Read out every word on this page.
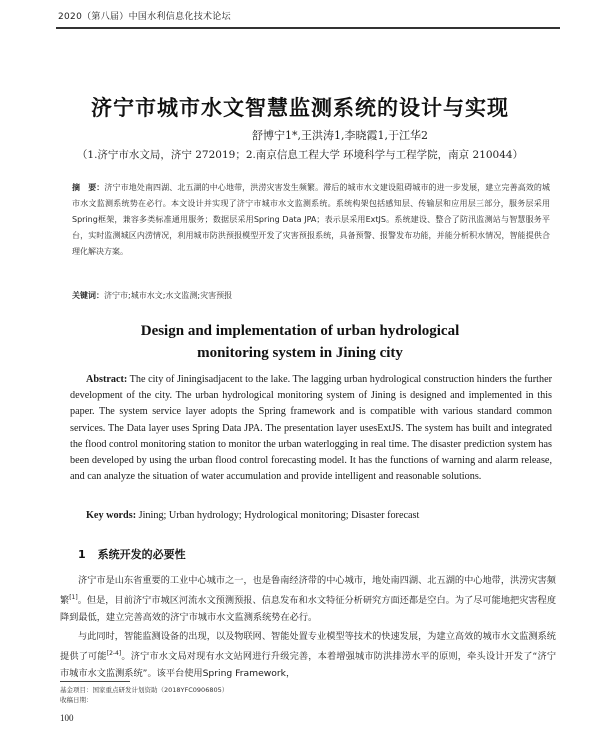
2020（第八届）中国水利信息化技术论坛
济宁市城市水文智慧监测系统的设计与实现
舒博宁1*,王洪涛1,李晓霞1,于江华2
（1.济宁市水文局，济宁 272019；2.南京信息工程大学 环境科学与工程学院，南京 210044）
摘　要：济宁市地处南四湖、北五湖的中心地带，洪涝灾害发生频繁。滞后的城市水文建设阻碍城市的进一步发展，建立完善高效的城市水文监测系统势在必行。本文设计并实现了济宁市城市水文监测系统。系统构架包括感知层、传输层和应用层三部分，服务层采用Spring框架，兼容多类标准通用服务；数据层采用Spring Data JPA；表示层采用ExtJS。系统建设、整合了防汛监测站与智慧服务平台，实时监测城区内涝情况，利用城市防洪预报模型开发了灾害预报系统，具备预警、报警发布功能，并能分析积水情况，智能提供合理化解决方案。
关键词：济宁市;城市水文;水文监测;灾害预报
Design and implementation of urban hydrological
monitoring system in Jining city
Abstract: The city of Jiningisadjacent to the lake. The lagging urban hydrological construction hinders the further development of the city. The urban hydrological monitoring system of Jining is designed and implemented in this paper. The system service layer adopts the Spring framework and is compatible with various standard common services. The Data layer uses Spring Data JPA. The presentation layer usesExtJS. The system has built and integrated the flood control monitoring station to monitor the urban waterlogging in real time. The disaster prediction system has been developed by using the urban flood control forecasting model. It has the functions of warning and alarm release, and can analyze the situation of water accumulation and provide intelligent and reasonable solutions.
Key words: Jining; Urban hydrology; Hydrological monitoring; Disaster forecast
1 系统开发的必要性

济宁市是山东省重要的工业中心城市之一，也是鲁南经济带的中心城市，地处南四湖、北五湖的中心地带，洪涝灾害频繁[1]。但是，目前济宁市城区河流水文预测预报、信息发布和水文特征分析研究方面还都是空白。为了尽可能地把灾害程度降到最低，建立完善高效的济宁市城市水文监测系统势在必行。

与此同时，智能监测设备的出现，以及物联网、智能处置专业模型等技术的快速发展，为建立高效的城市水文监测系统提供了可能[2-4]。济宁市水文局对现有水文站网进行升级完善，本着增强城市防洪排涝水平的原则，牵头设计开发了“济宁市城市水文监测系统”。该平台使用Spring Framework，

基金项目：国家重点研发计划资助（2018YFC0906805）
收稿日期：
100
